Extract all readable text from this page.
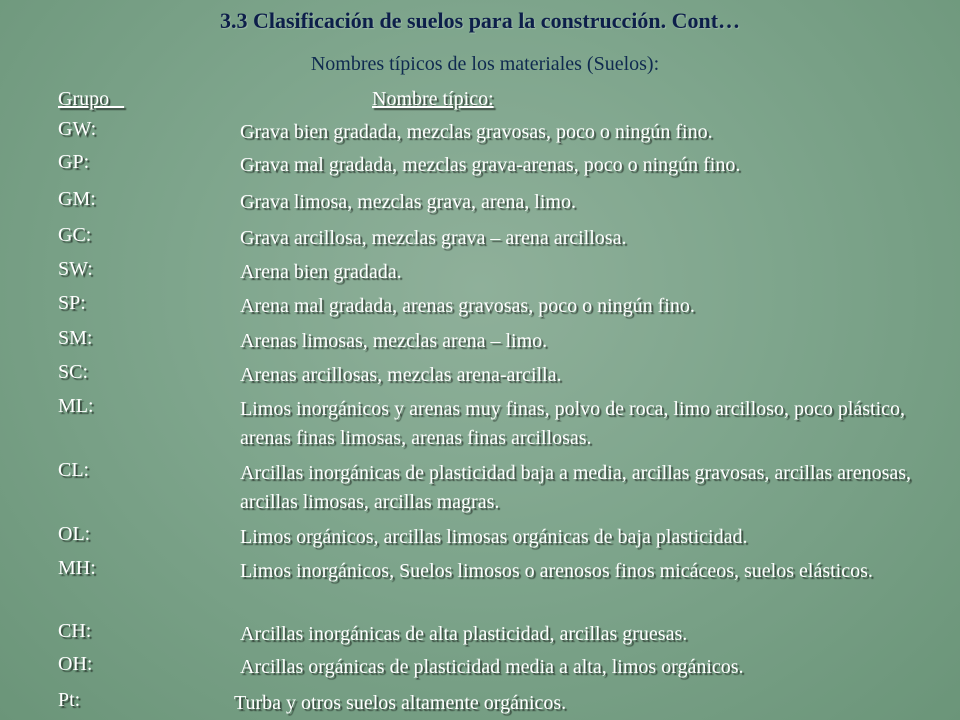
3.3 Clasificación de suelos para la construcción. Cont…
Nombres típicos de los materiales (Suelos):
Grupo	Nombre típico:
GW:	Grava bien gradada, mezclas gravosas, poco o ningún fino.
GP:	Grava mal gradada, mezclas grava-arenas, poco o ningún fino.
GM:	Grava limosa, mezclas grava, arena, limo.
GC:	Grava arcillosa, mezclas grava – arena arcillosa.
SW:	Arena bien gradada.
SP:	Arena mal gradada, arenas gravosas, poco o ningún fino.
SM:	Arenas limosas, mezclas arena – limo.
SC:	Arenas arcillosas, mezclas arena-arcilla.
ML:	Limos inorgánicos y arenas muy finas, polvo de roca, limo arcilloso, poco plástico, arenas finas limosas, arenas finas arcillosas.
CL:	Arcillas inorgánicas de plasticidad baja a media, arcillas gravosas, arcillas arenosas, arcillas limosas, arcillas magras.
OL:	Limos orgánicos, arcillas limosas orgánicas de baja plasticidad.
MH:	Limos inorgánicos, Suelos limosos o arenosos finos micáceos, suelos elásticos.
CH:	Arcillas inorgánicas de alta plasticidad, arcillas gruesas.
OH:	Arcillas orgánicas de plasticidad media a alta, limos orgánicos.
Pt:	Turba y otros suelos altamente orgánicos.
